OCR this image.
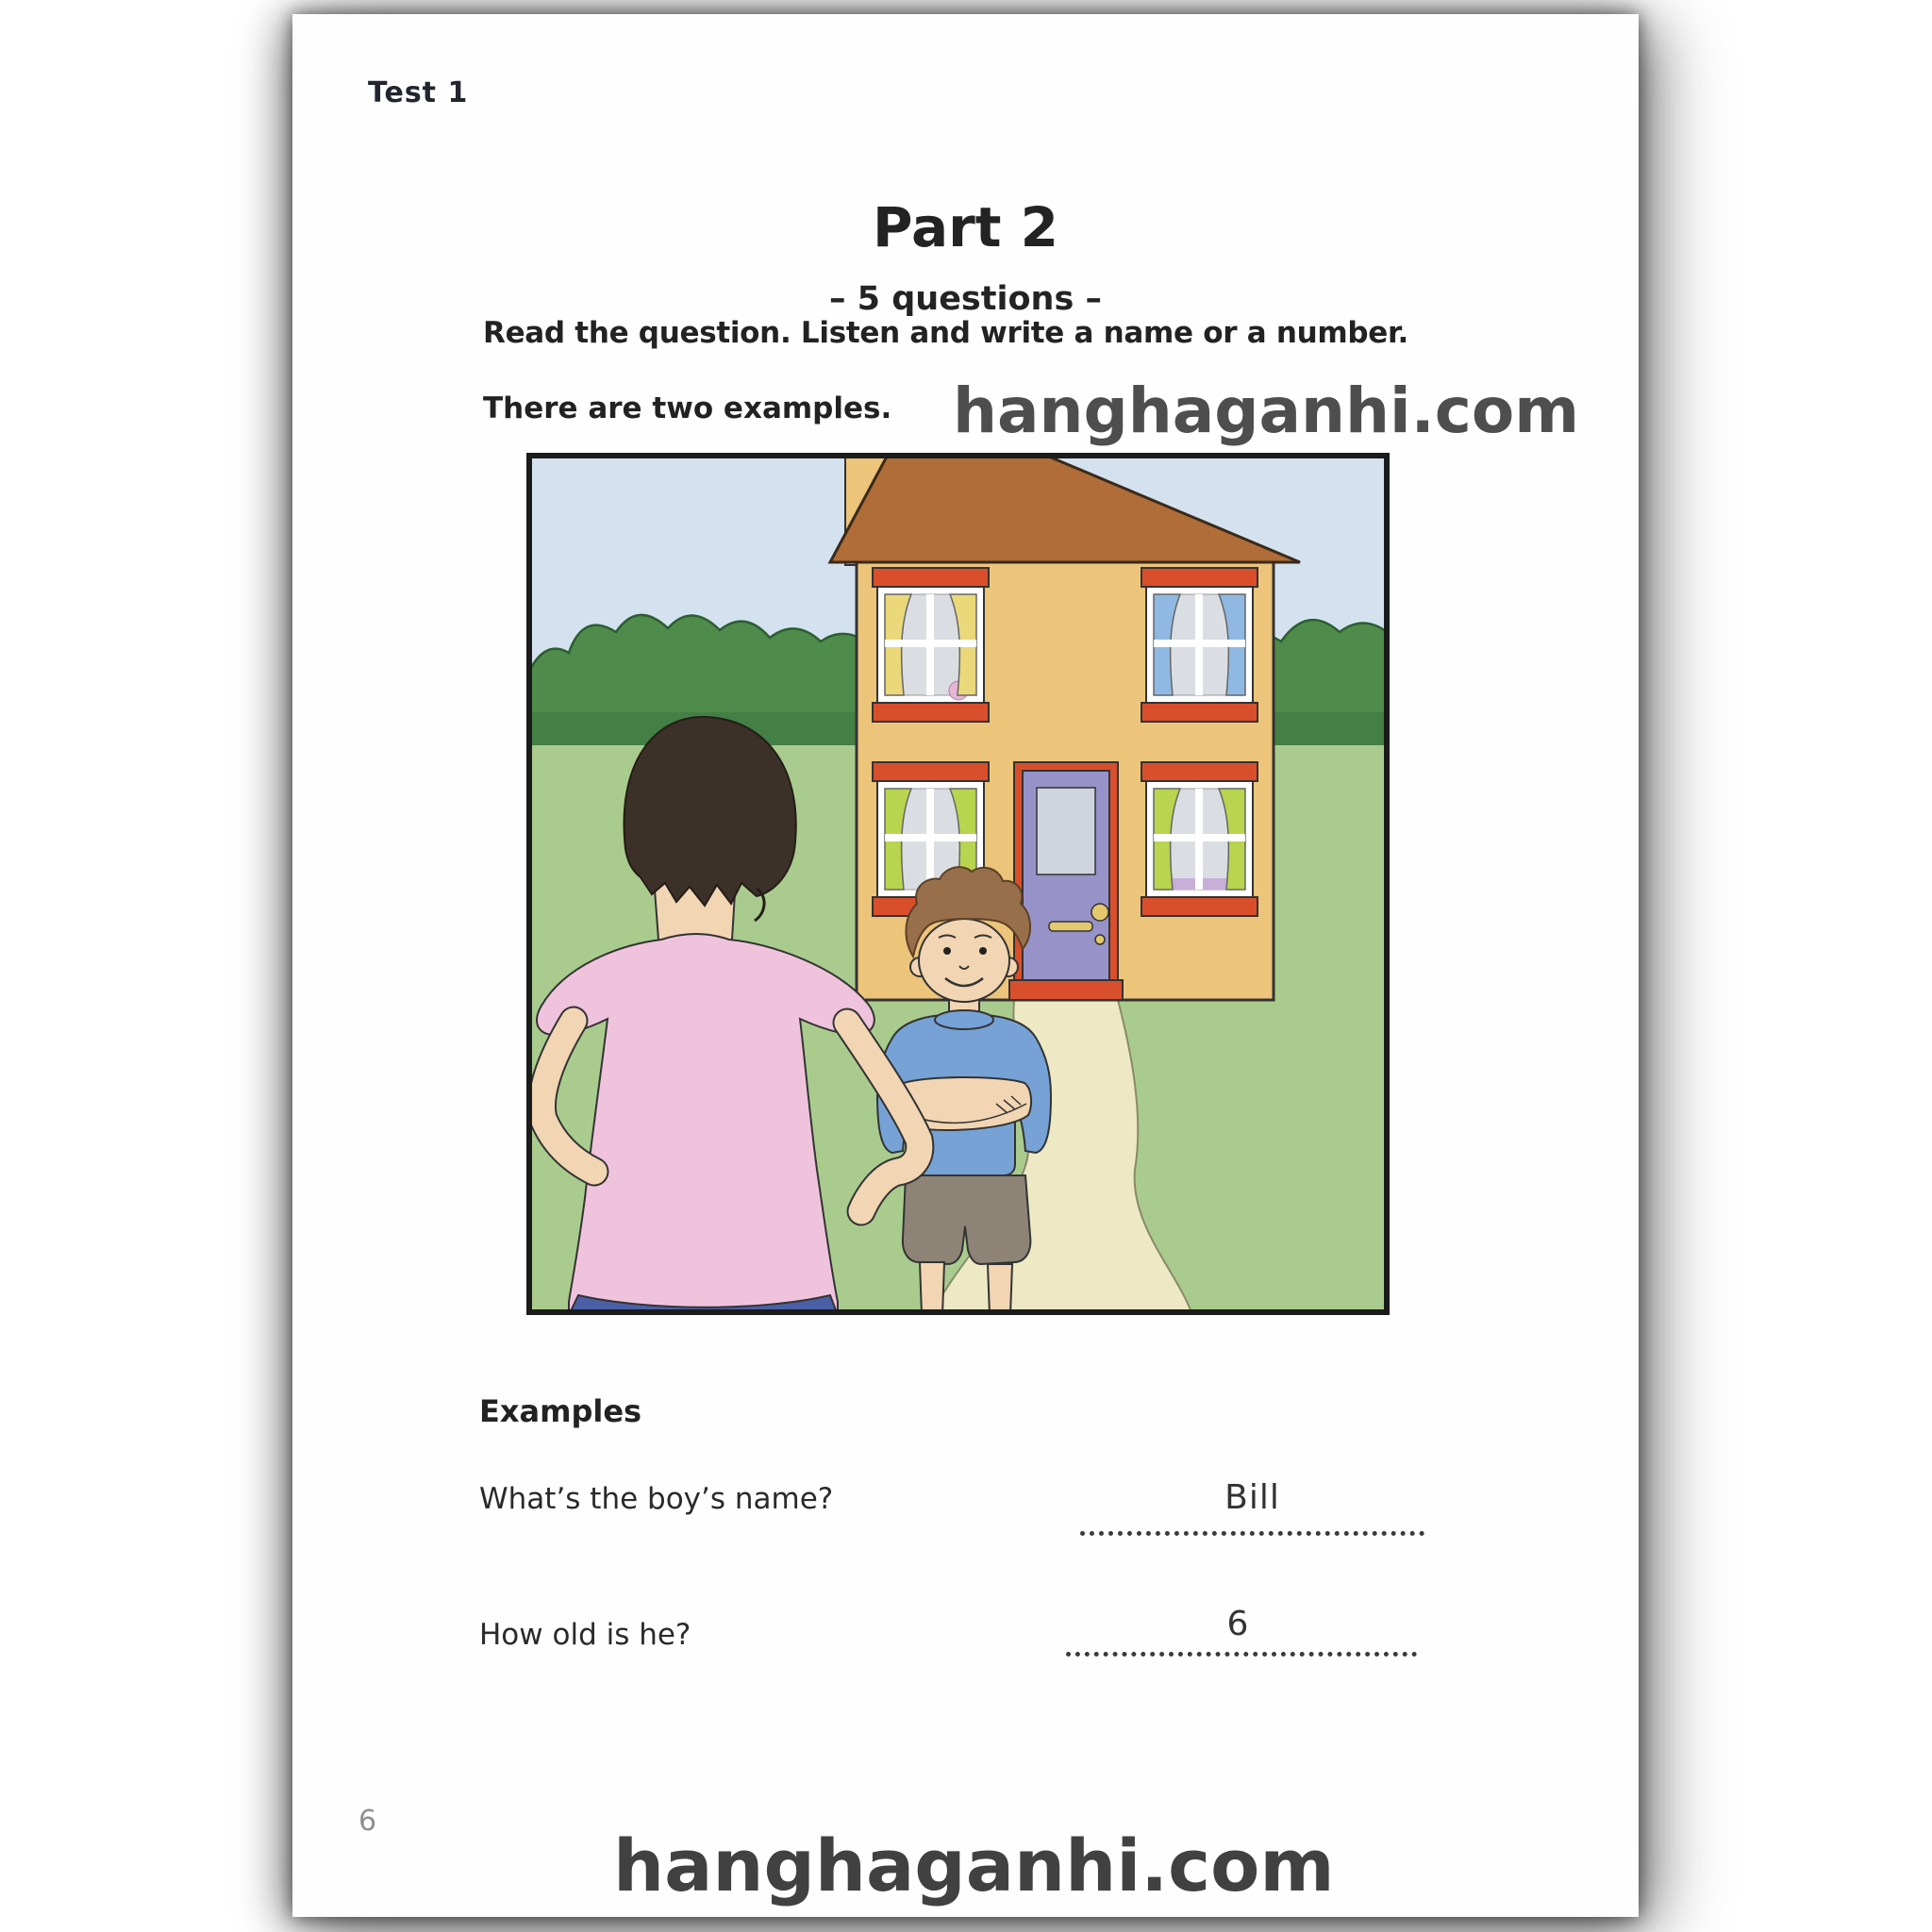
Test 1
Part 2
– 5 questions –
Read the question. Listen and write a name or a number.
There are two examples. hanghaganhi.com
Examples
What’s the boy’s name?	Bill
How old is he?	6
6
hanghaganhi.com
